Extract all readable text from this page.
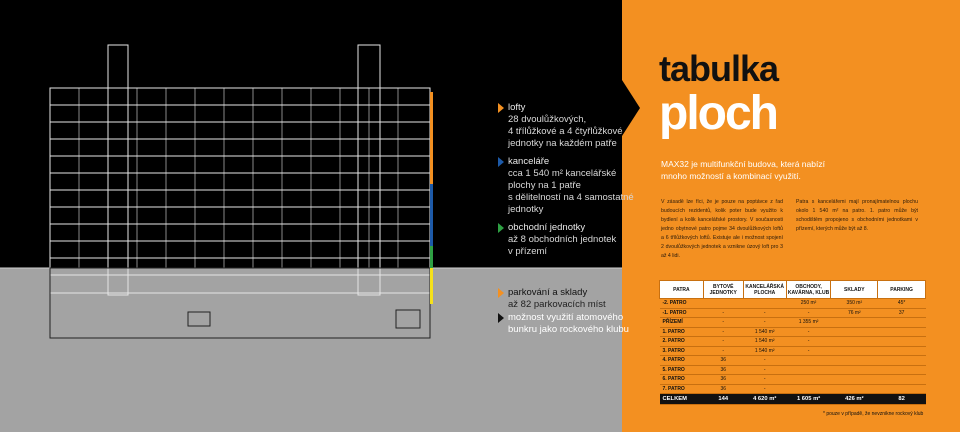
lofty
28 dvoulůžkových,
4 třílůžkové a 4 čtyřlůžkové
jednotky na každém patře
kanceláře
cca 1 540 m² kancelářské
plochy na 1 patře
s dělitelností na 4 samostatné
jednotky
obchodní jednotky
až 8 obchodních jednotek
v přízemí
parkování a sklady
až 82 parkovacích míst
možnost využití atomového
bunkru jako rockového klubu
tabulka
ploch
MAX32 je multifunkční budova, která nabízí mnoho možností a kombinací využití.
V zásadě lze říci, že je pouze na poptávce z řad budoucích rezidentů, kolik poter bude využito k bydlení a kolik kancelářské prostory. V současnosti jedno obytnové patro pojme 34 dvoulůžkových loftů a 6 třílůžkových loftů. Existuje ale i možnost spojení 2 dvoulůžkových jednotek a vznikne úzový loft pro 3 až 4 lidi.
Patra s kancelářemi mají pronajímatelnou plochu okolo 1 540 m² na patro. 1. patro může být schodištěm propojeno s obchodními jednotkami v přízemí, kterých může být až 8.
PATRA	BYTOVÉ JEDNOTKY	KANCELÁŘSKÁ PLOCHA	OBCHODY, KAVÁRNA, KLUB	SKLADY	PARKING
-2. PATRO			250 m²	350 m²	45*
-1. PATRO	-	-	-	76 m²	37
PŘÍZEMÍ	-	-	1 355 m²		
1. PATRO	-	1 540 m²	-		
2. PATRO	-	1 540 m²	-		
3. PATRO	-	1 540 m²	-		
4. PATRO	36	-			
5. PATRO	36	-			
6. PATRO	36	-			
7. PATRO	36	-			
CELKEM	144	4 620 m²	1 605 m²	426 m²	82
* pouze v případě, že nevznikne rockový klub
